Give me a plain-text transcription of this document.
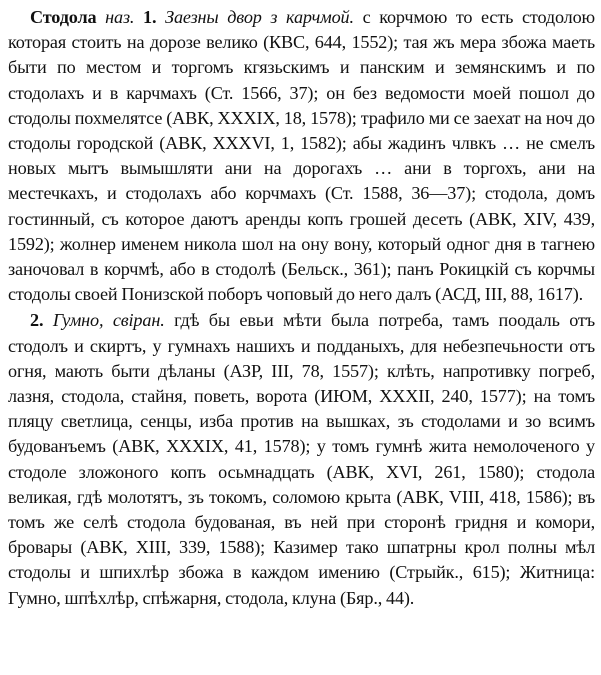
Стодола наз. 1. Заезны двор з карчмой. с корчмою то есть стодолою которая стоить на дорозе велико (КВС, 644, 1552); тая жъ мера збожа маеть быти по местом и торгомъ кгязьскимъ и панским и земянскимъ и по стодолахъ и в карчмахъ (Ст. 1566, 37); он без ведомости моей пошол до стодолы похмелятсе (АВК, XXXIX, 18, 1578); трафило ми се заехат на ноч до стодолы городской (АВК, XXXVI, 1, 1582); абы жадинъ члвкъ … не смелъ новых мытъ вымышляти ани на дорогахъ … ани в торгохъ, ани на местечкахъ, и стодолахъ або корчмахъ (Ст. 1588, 36—37); стодола, домъ гостинный, съ которое даютъ аренды копъ грошей десеть (АВК, XIV, 439, 1592); жолнер именем никола шол на ону вону, который одног дня в тагнею заночовал в корчмѣ, або в стодолѣ (Бельск., 361); панъ Рокицкій съ корчмы стодолы своей Понизской поборъ чоповый до него далъ (АСД, III, 88, 1617).
2. Гумно, свіран. гдѣ бы евьи мѣти была потреба, тамъ поодаль отъ стодолъ и скиртъ, у гумнахъ нашихъ и подданыхъ, для небезпечьности отъ огня, мають быти дѣланы (АЗР, III, 78, 1557); клѣть, напротивку погреб, лазня, стодола, стайня, поветь, ворота (ИЮМ, XXXII, 240, 1577); на томъ пляцу светлица, сенцы, изба против на вышках, зъ стодолами и зо всимъ будованъемъ (АВК, XXXIX, 41, 1578); у томъ гумнѣ жита немолоченого у стодоле зложоного копъ осьмнадцать (АВК, XVI, 261, 1580); стодола великая, гдѣ молотятъ, зъ токомъ, соломою крыта (АВК, VIII, 418, 1586); въ томъ же селѣ стодола будованая, въ ней при сторонѣ гридня и комори, бровары (АВК, XIII, 339, 1588); Казимер тако шпатрны крол полны мѣл стодолы и шпихлѣр збожа в каждом имению (Стрыйк., 615); Житница: Гумно, шпѣхлѣр, спѣжарня, стодола, клуна (Бяр., 44).
